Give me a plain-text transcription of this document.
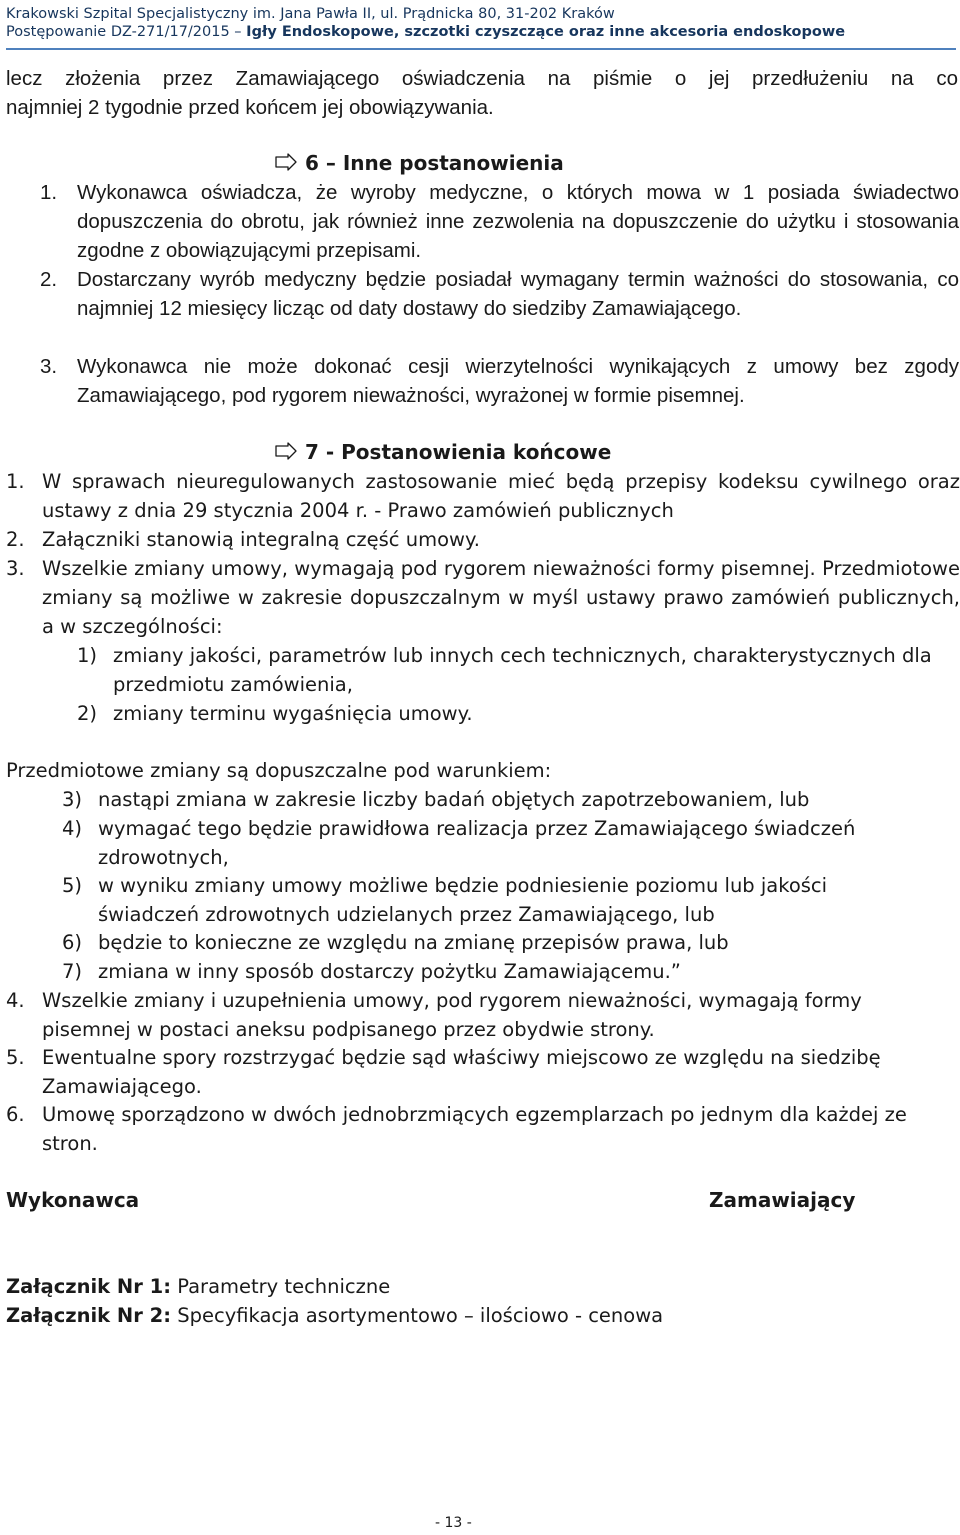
Krakowski Szpital Specjalistyczny im. Jana Pawła II, ul. Prądnicka 80, 31-202 Kraków
Postępowanie DZ-271/17/2015 – Igły Endoskopowe, szczotki czyszczące oraz inne akcesoria endoskopowe
lecz złożenia przez Zamawiającego oświadczenia na piśmie o jej przedłużeniu na co
najmniej 2 tygodnie przed końcem jej obowiązywania.
6 – Inne postanowienia
1. Wykonawca oświadcza, że wyroby medyczne, o których mowa w 1 posiada świadectwo dopuszczenia do obrotu, jak również inne zezwolenia na dopuszczenie do użytku i stosowania zgodne z obowiązującymi przepisami.
2. Dostarczany wyrób medyczny będzie posiadał wymagany termin ważności do stosowania, co najmniej 12 miesięcy licząc od daty dostawy do siedziby Zamawiającego.
3. Wykonawca nie może dokonać cesji wierzytelności wynikających z umowy bez zgody Zamawiającego, pod rygorem nieważności, wyrażonej w formie pisemnej.
7 - Postanowienia końcowe
1. W sprawach nieuregulowanych zastosowanie mieć będą przepisy kodeksu cywilnego oraz ustawy z dnia 29 stycznia 2004 r. - Prawo zamówień publicznych
2. Załączniki stanowią integralną część umowy.
3. Wszelkie zmiany umowy, wymagają pod rygorem nieważności formy pisemnej. Przedmiotowe zmiany są możliwe w zakresie dopuszczalnym w myśl ustawy prawo zamówień publicznych, a w szczególności:
1) zmiany jakości, parametrów lub innych cech technicznych, charakterystycznych dla przedmiotu zamówienia,
2) zmiany terminu wygaśnięcia umowy.
Przedmiotowe zmiany są dopuszczalne pod warunkiem:
3) nastąpi zmiana w zakresie liczby badań objętych zapotrzebowaniem, lub
4) wymagać tego będzie prawidłowa realizacja przez Zamawiającego świadczeń zdrowotnych,
5) w wyniku zmiany umowy możliwe będzie podniesienie poziomu lub jakości świadczeń zdrowotnych udzielanych przez Zamawiającego, lub
6) będzie to konieczne ze względu na zmianę przepisów prawa, lub
7) zmiana w inny sposób dostarczy pożytku Zamawiającemu.”
4. Wszelkie zmiany i uzupełnienia umowy, pod rygorem nieważności, wymagają formy pisemnej w postaci aneksu podpisanego przez obydwie strony.
5. Ewentualne spory rozstrzygać będzie sąd właściwy miejscowo ze względu na siedzibę Zamawiającego.
6. Umowę sporządzono w dwóch jednobrzmiących egzemplarzach po jednym dla każdej ze stron.
Wykonawca	Zamawiający
Załącznik Nr 1: Parametry techniczne
Załącznik Nr 2: Specyfikacja asortymentowo – ilościowo - cenowa
- 13 -
